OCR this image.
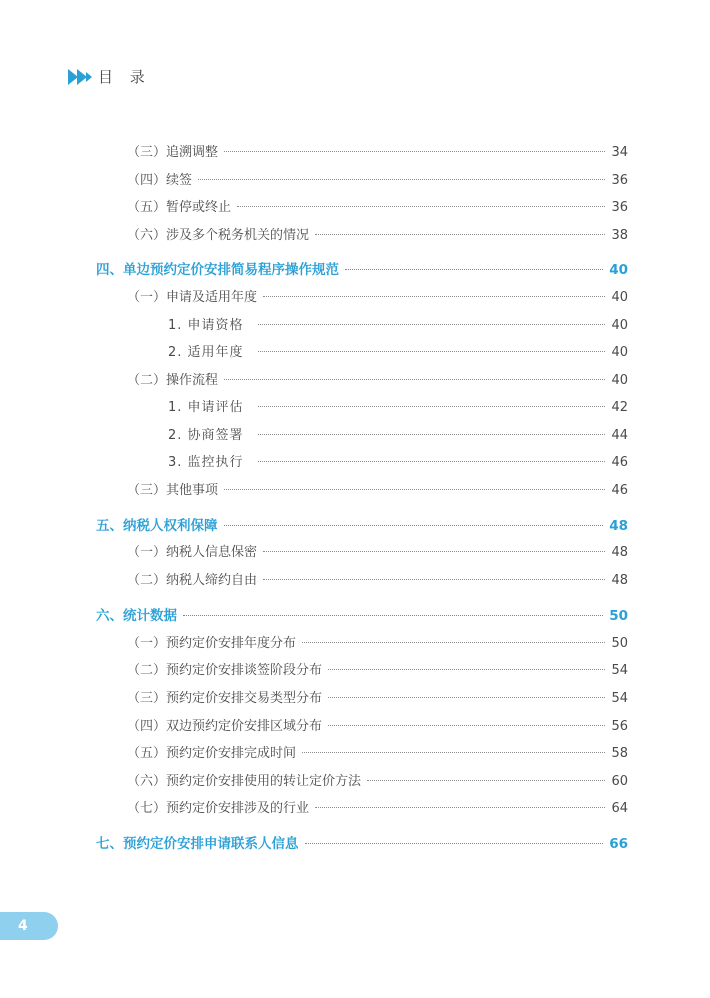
目 录
（三）追溯调整	34
（四）续签	36
（五）暂停或终止	36
（六）涉及多个税务机关的情况	38
四、单边预约定价安排简易程序操作规范	40
（一）申请及适用年度	40
1. 申请资格	40
2. 适用年度	40
（二）操作流程	40
1. 申请评估	42
2. 协商签署	44
3. 监控执行	46
（三）其他事项	46
五、纳税人权利保障	48
（一）纳税人信息保密	48
（二）纳税人缔约自由	48
六、统计数据	50
（一）预约定价安排年度分布	50
（二）预约定价安排谈签阶段分布	54
（三）预约定价安排交易类型分布	54
（四）双边预约定价安排区域分布	56
（五）预约定价安排完成时间	58
（六）预约定价安排使用的转让定价方法	60
（七）预约定价安排涉及的行业	64
七、预约定价安排申请联系人信息	66
4
